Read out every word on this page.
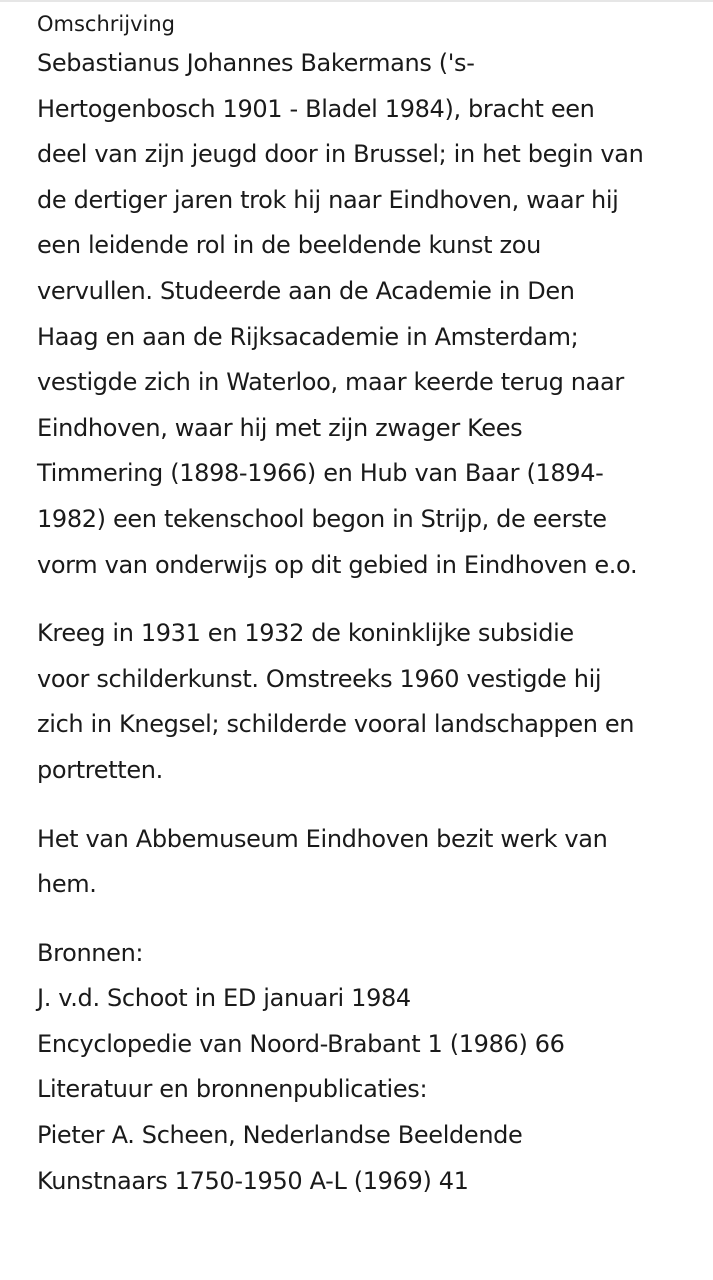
Omschrijving

Sebastianus Johannes Bakermans ('s-
Hertogenbosch 1901 - Bladel 1984), bracht een
deel van zijn jeugd door in Brussel; in het begin van
de dertiger jaren trok hij naar Eindhoven, waar hij
een leidende rol in de beeldende kunst zou
vervullen. Studeerde aan de Academie in Den
Haag en aan de Rijksacademie in Amsterdam;
vestigde zich in Waterloo, maar keerde terug naar
Eindhoven, waar hij met zijn zwager Kees
Timmering (1898-1966) en Hub van Baar (1894-
1982) een tekenschool begon in Strijp, de eerste
vorm van onderwijs op dit gebied in Eindhoven e.o.

Kreeg in 1931 en 1932 de koninklijke subsidie
voor schilderkunst. Omstreeks 1960 vestigde hij
zich in Knegsel; schilderde vooral landschappen en
portretten.

Het van Abbemuseum Eindhoven bezit werk van
hem.

Bronnen:
J. v.d. Schoot in ED januari 1984
Encyclopedie van Noord-Brabant 1 (1986) 66
Literatuur en bronnenpublicaties:
Pieter A. Scheen, Nederlandse Beeldende
Kunstnaars 1750-1950 A-L (1969) 41
